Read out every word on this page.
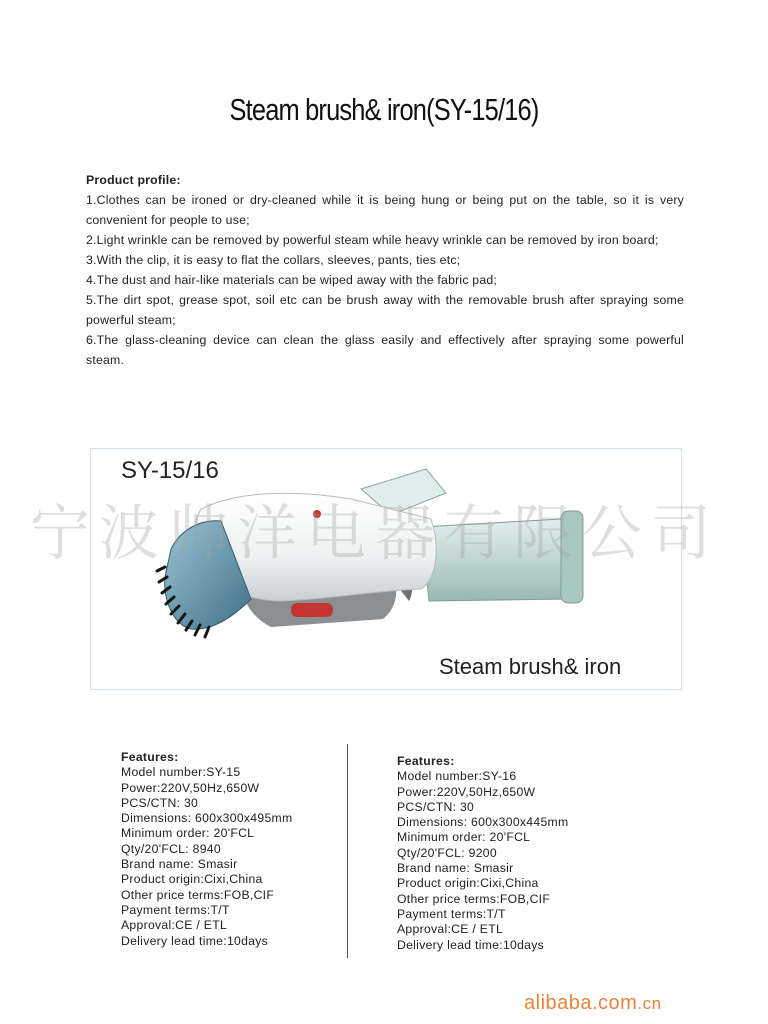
Steam brush& iron(SY-15/16)
Product profile:

1.Clothes can be ironed or dry-cleaned while it is being hung or being put on the table, so it is very convenient for people to use;

2.Light wrinkle can be removed by powerful steam while heavy wrinkle can be removed by iron board;

3.With the clip, it is easy to flat the collars, sleeves, pants, ties etc;

4.The dust and hair-like materials can be wiped away with the fabric pad;

5.The dirt spot, grease spot, soil etc can be brush away with the removable brush after spraying some powerful steam;

6.The glass-cleaning device can clean the glass easily and effectively after spraying some powerful steam.

SY-15/16
Steam brush& iron
宁波帅洋电器有限公司
Features:
Model number:SY-15
Power:220V,50Hz,650W
PCS/CTN: 30
Dimensions: 600x300x495mm
Minimum order: 20'FCL
Qty/20'FCL: 8940
Brand name: Smasir
Product origin:Cixi,China
Other price terms:FOB,CIF
Payment terms:T/T
Approval:CE / ETL
Delivery lead time:10days
Features:
Model number:SY-16
Power:220V,50Hz,650W
PCS/CTN: 30
Dimensions: 600x300x445mm
Minimum order: 20'FCL
Qty/20'FCL: 9200
Brand name: Smasir
Product origin:Cixi,China
Other price terms:FOB,CIF
Payment terms:T/T
Approval:CE / ETL
Delivery lead time:10days
alibaba.com.cn
